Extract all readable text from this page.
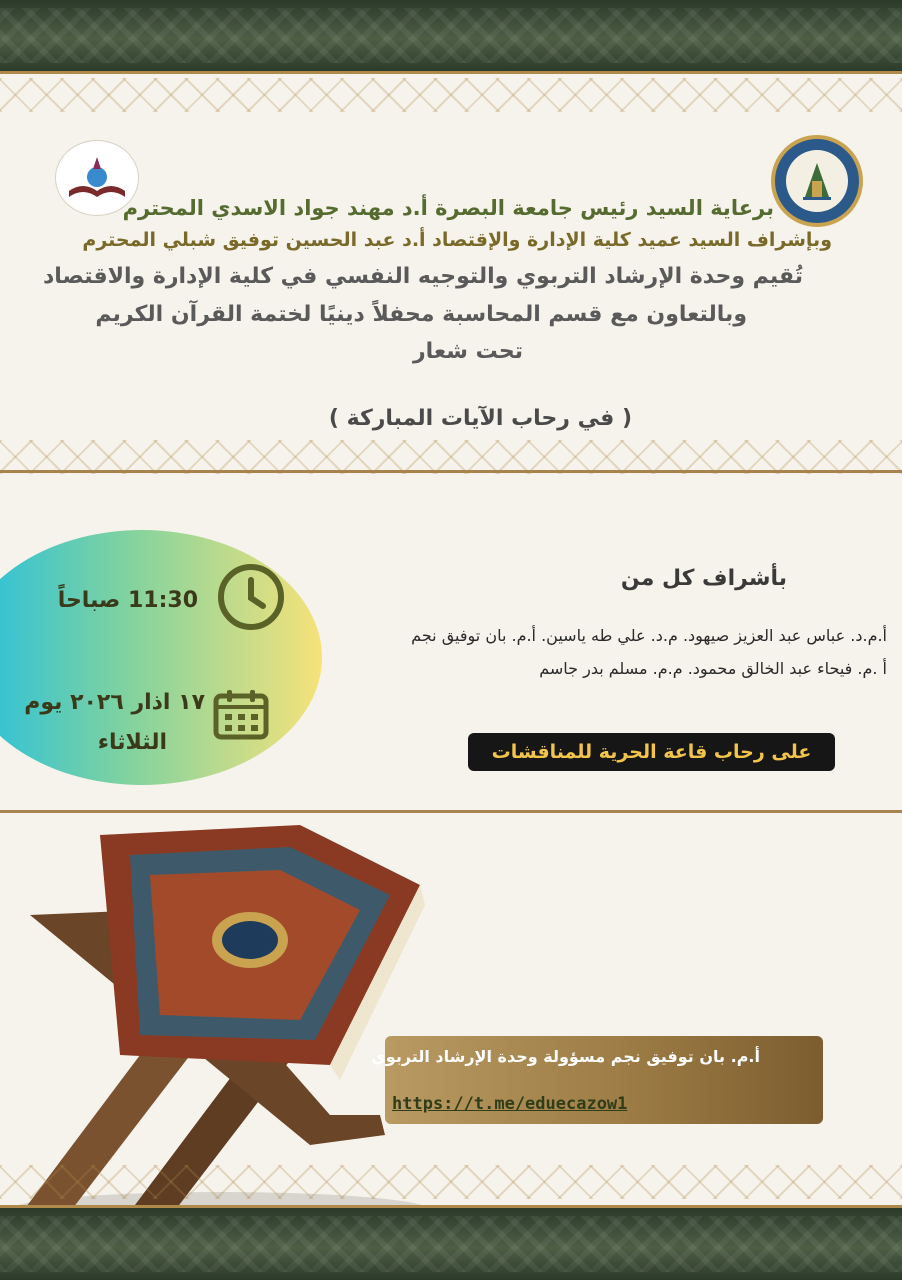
برعاية السيد رئيس جامعة البصرة أ.د مهند جواد الاسدي المحترم
وبإشراف السيد عميد كلية الإدارة والإقتصاد أ.د عبد الحسين توفيق شبلي المحترم
تُقيم وحدة الإرشاد التربوي والتوجيه النفسي في كلية الإدارة والاقتصاد
وبالتعاون مع قسم المحاسبة محفلاً دينيًا لختمة القرآن الكريم
تحت شعار
( في رحاب الآيات المباركة )
11:30 صباحاً
١٧ اذار ٢٠٢٦ يوم
الثلاثاء
بأشراف كل من
أ.م.د. عباس عبد العزيز صيهود. م.د. علي طه ياسين. أ.م. بان توفيق نجم
أ .م. فيحاء عبد الخالق محمود. م.م. مسلم بدر جاسم
على رحاب قاعة الحرية للمناقشات
أ.م. بان توفيق نجم مسؤولة وحدة الإرشاد التربوي
https://t.me/eduecazow1
